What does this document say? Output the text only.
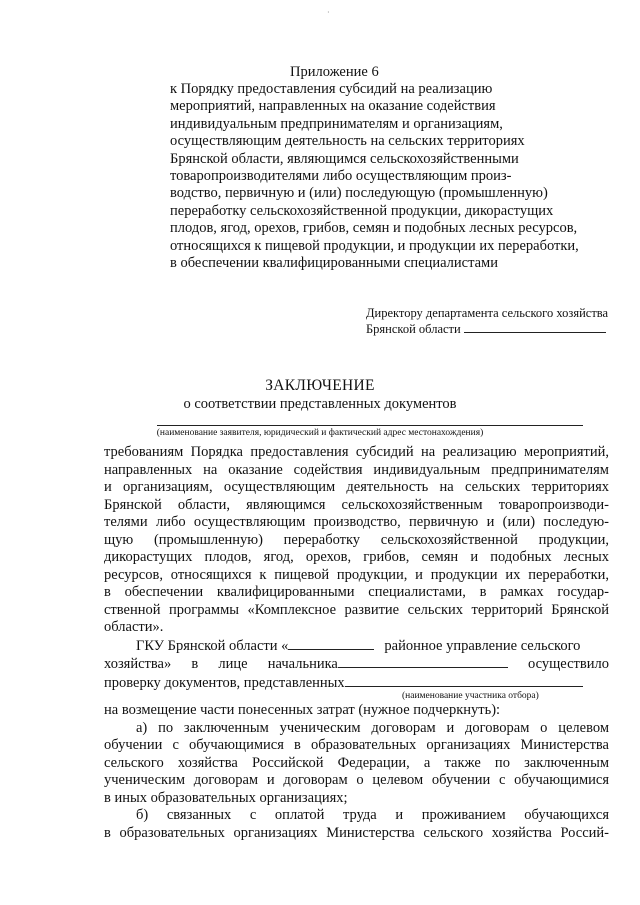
·
Приложение 6
к Порядку предоставления субсидий на реализацию
мероприятий, направленных на оказание содействия
индивидуальным предпринимателям и организациям,
осуществляющим деятельность на сельских территориях
Брянской области, являющимся сельскохозяйственными
товаропроизводителями либо осуществляющим произ-
водство, первичную и (или) последующую (промышленную)
переработку сельскохозяйственной продукции, дикорастущих
плодов, ягод, орехов, грибов, семян и подобных лесных ресурсов,
относящихся к пищевой продукции, и продукции их переработки,
в обеспечении квалифицированными специалистами
Директору департамента сельского хозяйства
Брянской области
ЗАКЛЮЧЕНИЕ
о соответствии представленных документов
(наименование заявителя, юридический и фактический адрес местонахождения)
требованиям Порядка предоставления субсидий на реализацию мероприятий,
направленных на оказание содействия индивидуальным предпринимателям
и организациям, осуществляющим деятельность на сельских территориях
Брянской области, являющимся сельскохозяйственным товаропроизводи-
телями либо осуществляющим производство, первичную и (или) последую-
щую (промышленную) переработку сельскохозяйственной продукции,
дикорастущих плодов, ягод, орехов, грибов, семян и подобных лесных
ресурсов, относящихся к пищевой продукции, и продукции их переработки,
в обеспечении квалифицированными специалистами, в рамках государ-
ственной программы «Комплексное развитие сельских территорий Брянской
области».
ГКУ Брянской области «	районное управление сельского
хозяйства» в лице начальника	осуществило
проверку документов, представленных
на возмещение части понесенных затрат (нужное подчеркнуть):
а) по заключенным ученическим договорам и договорам о целевом
обучении с обучающимися в образовательных организациях Министерства
сельского хозяйства Российской Федерации, а также по заключенным
ученическим договорам и договорам о целевом обучении с обучающимися
в иных образовательных организациях;
б) связанных с оплатой труда и проживанием обучающихся
в образовательных организациях Министерства сельского хозяйства Россий-
(наименование участника отбора)
